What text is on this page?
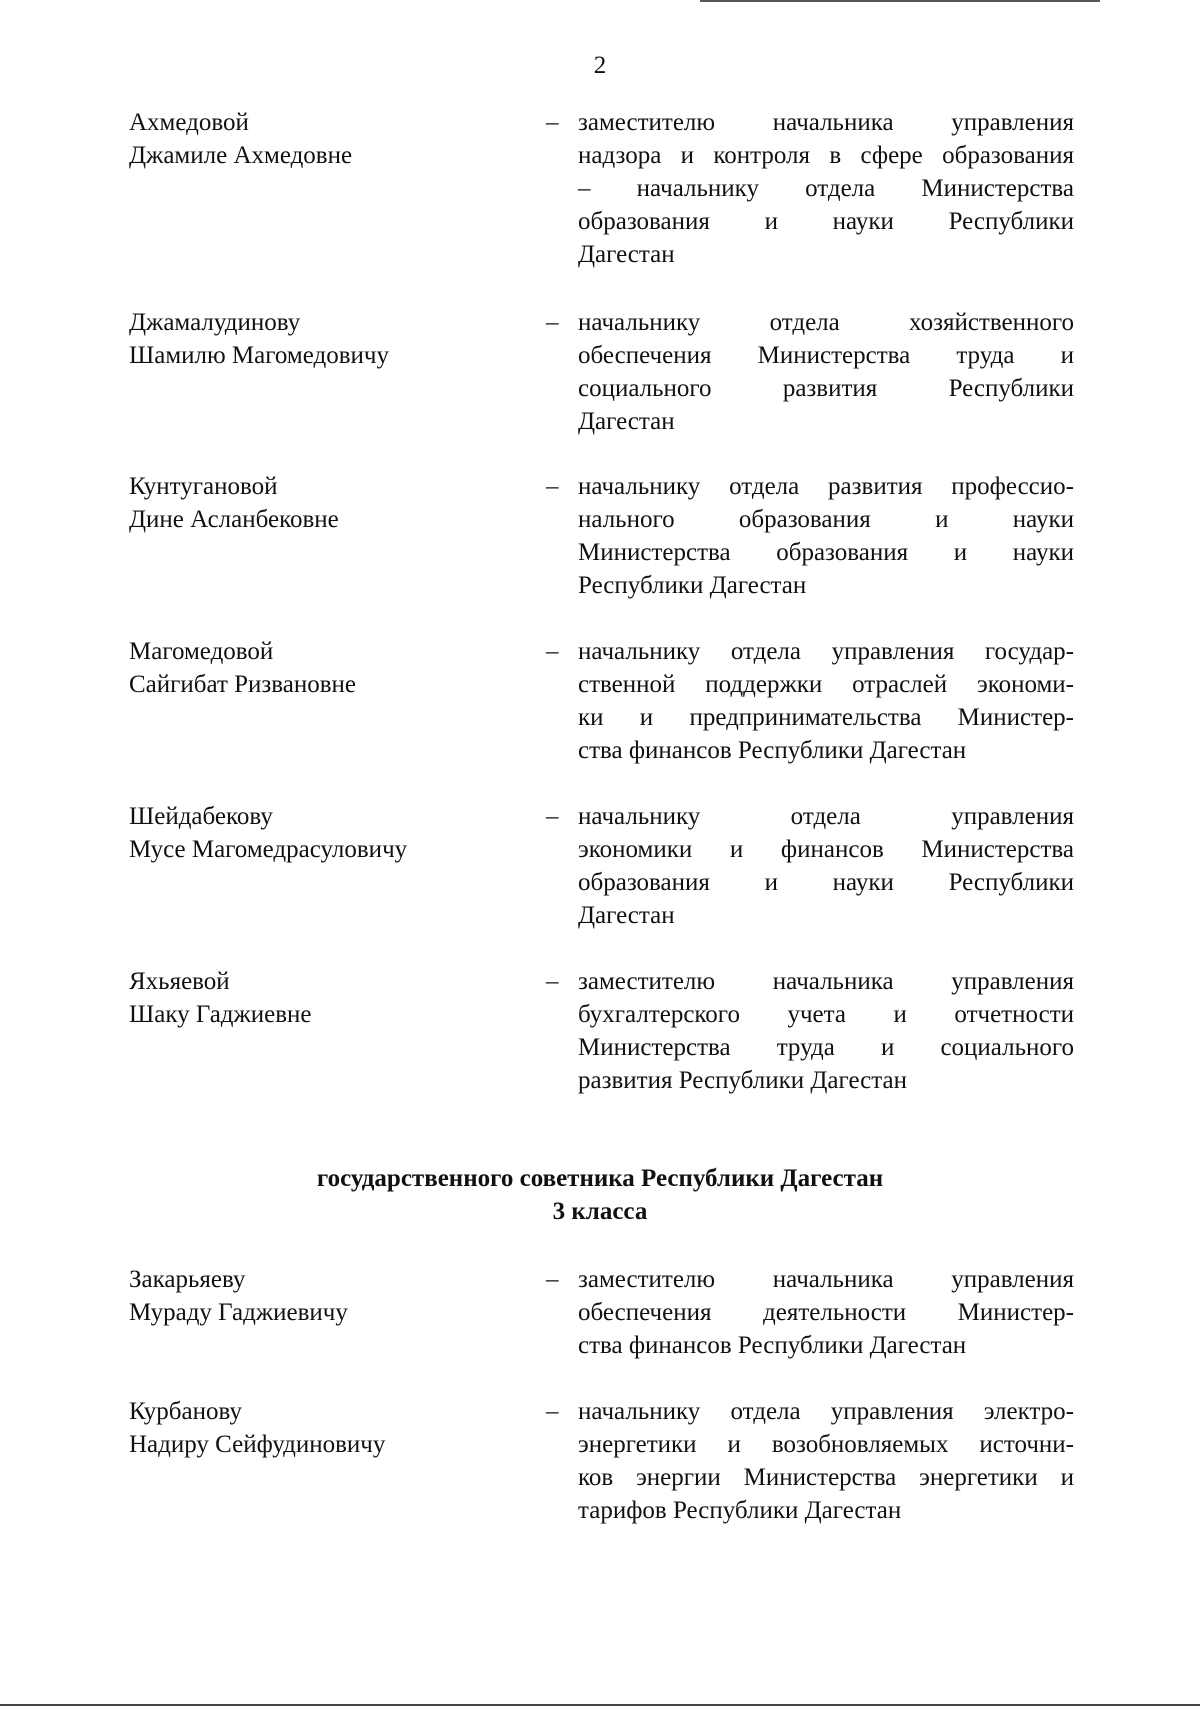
2
Ахмедовой
Джамиле Ахмедовне
– заместителю начальника управления
надзора и контроля в сфере образования
– начальнику отдела Министерства
образования и науки Республики
Дагестан
Джамалудинову
Шамилю Магомедовичу
– начальнику отдела хозяйственного
обеспечения Министерства труда и
социального развития Республики
Дагестан
Кунтугановой
Дине Асланбековне
– начальнику отдела развития профессио-
нального образования и науки
Министерства образования и науки
Республики Дагестан
Магомедовой
Сайгибат Ризвановне
– начальнику отдела управления государ-
ственной поддержки отраслей экономи-
ки и предпринимательства Министер-
ства финансов Республики Дагестан
Шейдабекову
Мусе Магомедрасуловичу
– начальнику отдела управления
экономики и финансов Министерства
образования и науки Республики
Дагестан
Яхьяевой
Шаку Гаджиевне
– заместителю начальника управления
бухгалтерского учета и отчетности
Министерства труда и социального
развития Республики Дагестан
государственного советника Республики Дагестан
3 класса
Закарьяеву
Мураду Гаджиевичу
– заместителю начальника управления
обеспечения деятельности Министер-
ства финансов Республики Дагестан
Курбанову
Надиру Сейфудиновичу
– начальнику отдела управления электро-
энергетики и возобновляемых источни-
ков энергии Министерства энергетики и
тарифов Республики Дагестан
